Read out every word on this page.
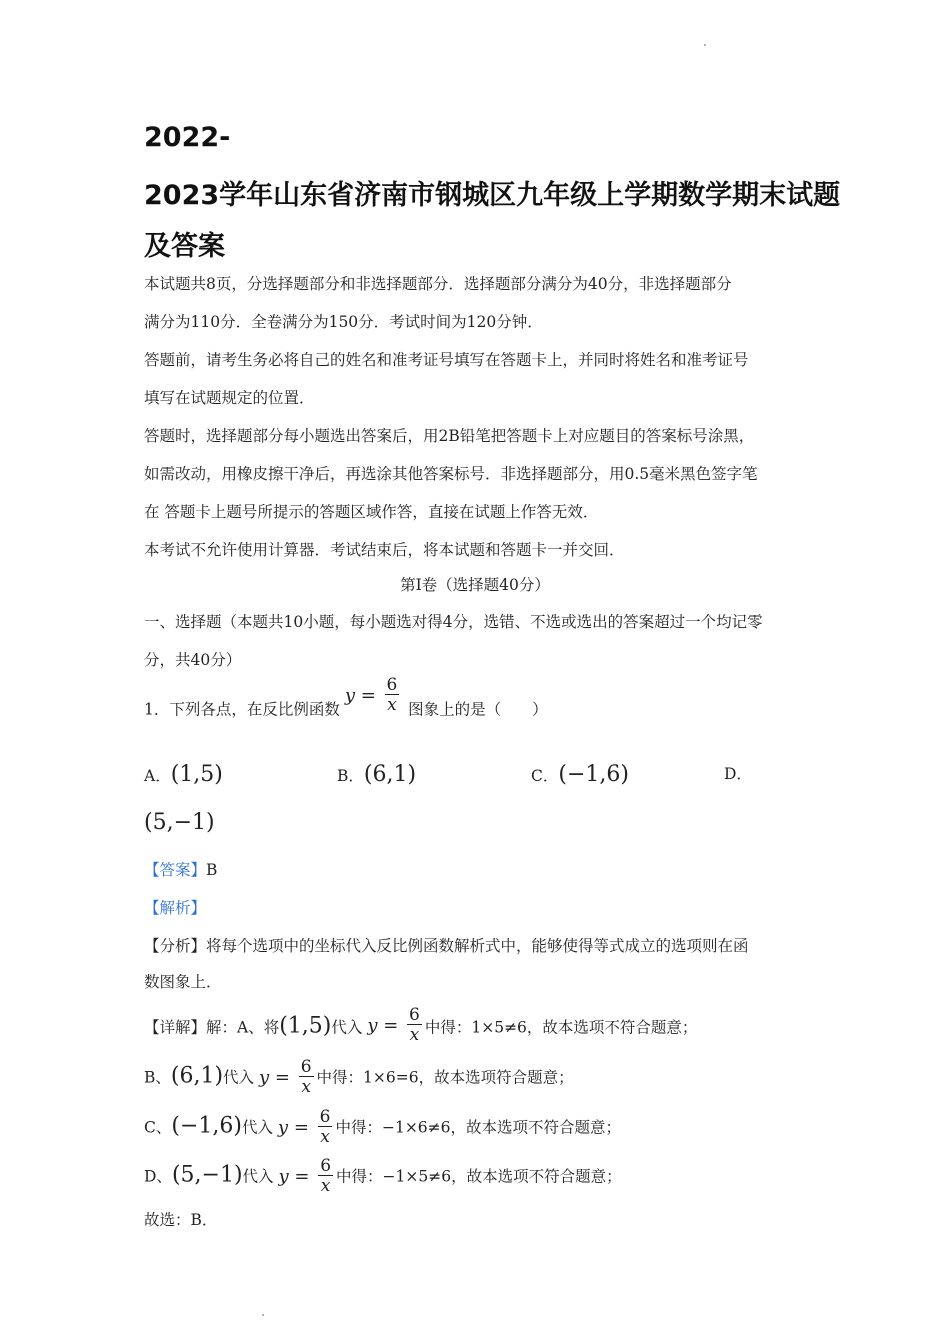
2022-
2023学年山东省济南市钢城区九年级上学期数学期末试题
及答案
本试题共8页，分选择题部分和非选择题部分．选择题部分满分为40分，非选择题部分
满分为110分．全卷满分为150分．考试时间为120分钟．
答题前，请考生务必将自己的姓名和准考证号填写在答题卡上，并同时将姓名和准考证号
填写在试题规定的位置．
答题时，选择题部分每小题选出答案后，用2B铅笔把答题卡上对应题目的答案标号涂黑，
如需改动，用橡皮擦干净后，再选涂其他答案标号．非选择题部分，用0.5毫米黑色签字笔
在 答题卡上题号所提示的答题区域作答，直接在试题上作答无效．
本考试不允许使用计算器．考试结束后，将本试题和答题卡一并交回．
第Ⅰ卷（选择题40分）
一、选择题（本题共10小题，每小题选对得4分，选错、不选或选出的答案超过一个均记零
分，共40分）
1．下列各点，在反比例函数 $y = \frac{6}{x}$ 图象上的是（　　）
A．(1,5)	B．(6,1)	C．(−1,6)	D．
(5,−1)
【答案】B
【解析】
【分析】将每个选项中的坐标代入反比例函数解析式中，能够使得等式成立的选项则在函
数图象上．
【详解】解：A、将(1,5)代入 $y = \frac{6}{x}$ 中得：1×5≠6，故本选项不符合题意；
B、(6,1)代入 $y = \frac{6}{x}$ 中得：1×6=6，故本选项符合题意；
C、(−1,6)代入 $y = \frac{6}{x}$ 中得：−1×6≠6，故本选项不符合题意；
D、(5,−1)代入 $y = \frac{6}{x}$ 中得：−1×5≠6，故本选项不符合题意；
故选：B．
